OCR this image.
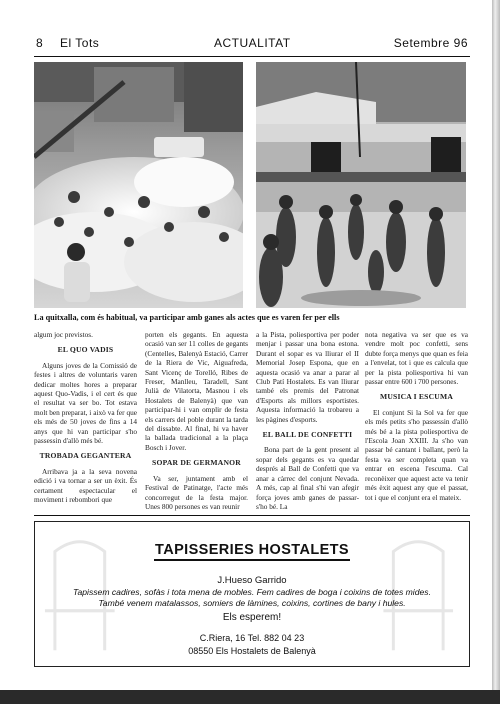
8 El Tots	ACTUALITAT	Setembre 96
La quitxalla, com és habitual, va participar amb ganes als actes que es varen fer per ells

algum joc previstos.

EL QUO VADIS

Alguns joves de la Comissió de festes i altres de voluntaris varen dedicar moltes hores a preparar aquest Quo-Vadis, i el cert és que el resultat va ser bo. Tot estava molt ben preparat, i això va fer que els més de 50 joves de fins a 14 anys que hi van participar s'ho passessin d'allò més bé.

TROBADA GEGANTERA

Arribava ja a la seva novena edició i va tornar a ser un èxit. És certament espectacular el moviment i rebombori que

porten els gegants. En aquesta ocasió van ser 11 colles de gegants (Centelles, Balenyà Estació, Carrer de la Riera de Vic, Aiguafreda, Sant Vicenç de Torelló, Ribes de Freser, Manlleu, Taradell, Sant Julià de Vilatorta, Masnou i els Hostalets de Balenyà) que van participar-hi i van omplir de festa els carrers del poble durant la tarda del dissabte. Al final, hi va haver la ballada tradicional a la plaça Bosch i Jover.

SOPAR DE GERMANOR

Va ser, juntament amb el Festival de Patinatge, l'acte més concorregut de la festa major. Unes 800 persones es van reunir

a la Pista, poliesportiva per poder menjar i passar una bona estona. Durant el sopar es va lliurar el II Memorial Josep Espona, que en aquesta ocasió va anar a parar al Club Patí Hostalets. Es van lliurar també els premis del Patronat d'Esports als millors esportistes. Aquesta informació la trobareu a les pàgines d'esports.

EL BALL DE CONFETTI

Bona part de la gent present al sopar dels gegants es va quedar després al Ball de Confetti que va anar a càrrec del conjunt Nevada. A més, cap al final s'hi van afegir força joves amb ganes de passar-s'ho bé. La

nota negativa va ser que es va vendre molt poc confetti, sens dubte força menys que quan es feia a l'envelat, tot i que es calcula que per la pista poliesportiva hi van passar entre 600 i 700 persones.

MUSICA I ESCUMA

El conjunt Si la Sol va fer que els més petits s'ho passessin d'allò més bé a la pista poliesportiva de l'Escola Joan XXIII. Ja s'ho van passar bé cantant i ballant, però la festa va ser completa quan va entrar en escena l'escuma. Cal reconèixer que aquest acte va tenir més èxit aquest any que el passat, tot i que el conjunt era el mateix.

TAPISSERIES HOSTALETS
J.Hueso Garrido
Tapissem cadires, sofàs i tota mena de mobles. Fem cadires de boga i coixins de totes mides.
També venem matalassos, somiers de làmines, coixins, cortines de bany i hules.
Els esperem!
C.Riera, 16 Tel. 882 04 23
08550 Els Hostalets de Balenyà
